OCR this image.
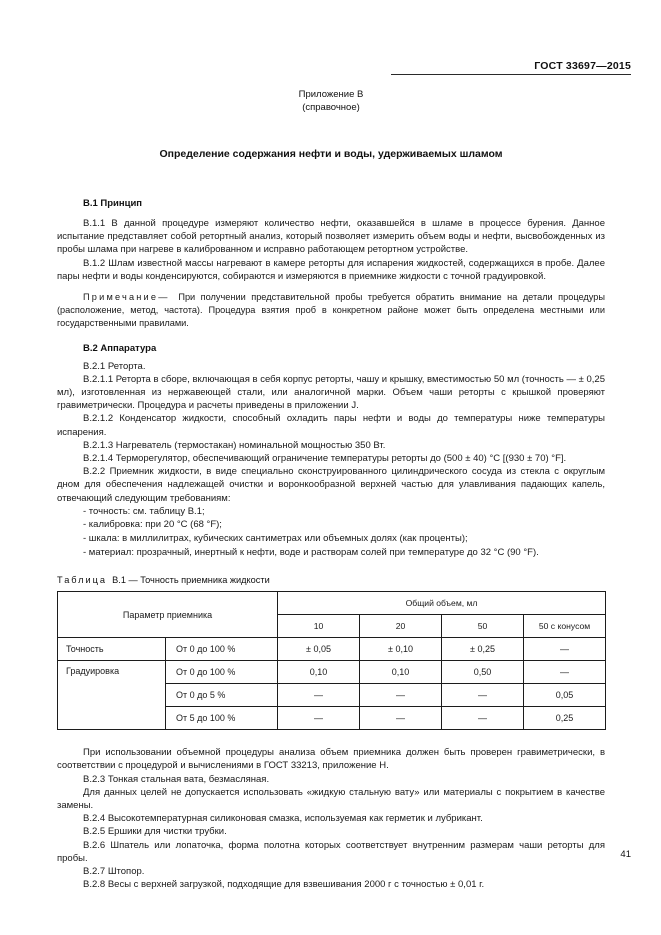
ГОСТ 33697—2015

Приложение В

(справочное)

Определение содержания нефти и воды, удерживаемых шламом

B.1 Принцип

B.1.1 В данной процедуре измеряют количество нефти, оказавшейся в шламе в процессе бурения. Данное испытание представляет собой ретортный анализ, который позволяет измерить объем воды и нефти, высвобожденных из пробы шлама при нагреве в калиброванном и исправно работающем ретортном устройстве.

B.1.2 Шлам известной массы нагревают в камере реторты для испарения жидкостей, содержащихся в пробе. Далее пары нефти и воды конденсируются, собираются и измеряются в приемнике жидкости с точной градуировкой.

Примечание— При получении представительной пробы требуется обратить внимание на детали процедуры (расположение, метод, частота). Процедура взятия проб в конкретном районе может быть определена местными или государственными правилами.

B.2 Аппаратура

B.2.1 Реторта.

B.2.1.1 Реторта в сборе, включающая в себя корпус реторты, чашу и крышку, вместимостью 50 мл (точность — ± 0,25 мл), изготовленная из нержавеющей стали, или аналогичной марки. Объем чаши реторты с крышкой проверяют гравиметрически. Процедура и расчеты приведены в приложении J.

B.2.1.2 Конденсатор жидкости, способный охладить пары нефти и воды до температуры ниже температуры испарения.

B.2.1.3 Нагреватель (термостакан) номинальной мощностью 350 Вт.

B.2.1.4 Терморегулятор, обеспечивающий ограничение температуры реторты до (500 ± 40) °C [(930 ± 70) °F].

B.2.2 Приемник жидкости, в виде специально сконструированного цилиндрического сосуда из стекла с округлым дном для обеспечения надлежащей очистки и воронкообразной верхней частью для улавливания падающих капель, отвечающий следующим требованиям:

- точность: см. таблицу В.1;

- калибровка: при 20 °C (68 °F);

- шкала: в миллилитрах, кубических сантиметрах или объемных долях (как проценты);

- материал: прозрачный, инертный к нефти, воде и растворам солей при температуре до 32 °C (90 °F).

Таблица В.1 — Точность приемника жидкости

Параметр приемника		Общий объем, мл			
		10	20	50	50 с конусом
Точность	От 0 до 100 %	± 0,05	± 0,10	± 0,25	—
Градуировка	От 0 до 100 %	0,10	0,10	0,50	—
	От 0 до 5 %	—	—	—	0,05
	От 5 до 100 %	—	—	—	0,25

При использовании объемной процедуры анализа объем приемника должен быть проверен гравиметрически, в соответствии с процедурой и вычислениями в ГОСТ 33213, приложение H.

B.2.3 Тонкая стальная вата, безмасляная.

Для данных целей не допускается использовать «жидкую стальную вату» или материалы с покрытием в качестве замены.

B.2.4 Высокотемпературная силиконовая смазка, используемая как герметик и лубрикант.

B.2.5 Ершики для чистки трубки.

B.2.6 Шпатель или лопаточка, форма полотна которых соответствует внутренним размерам чаши реторты для пробы.

B.2.7 Штопор.

B.2.8 Весы с верхней загрузкой, подходящие для взвешивания 2000 г с точностью ± 0,01 г.

41
